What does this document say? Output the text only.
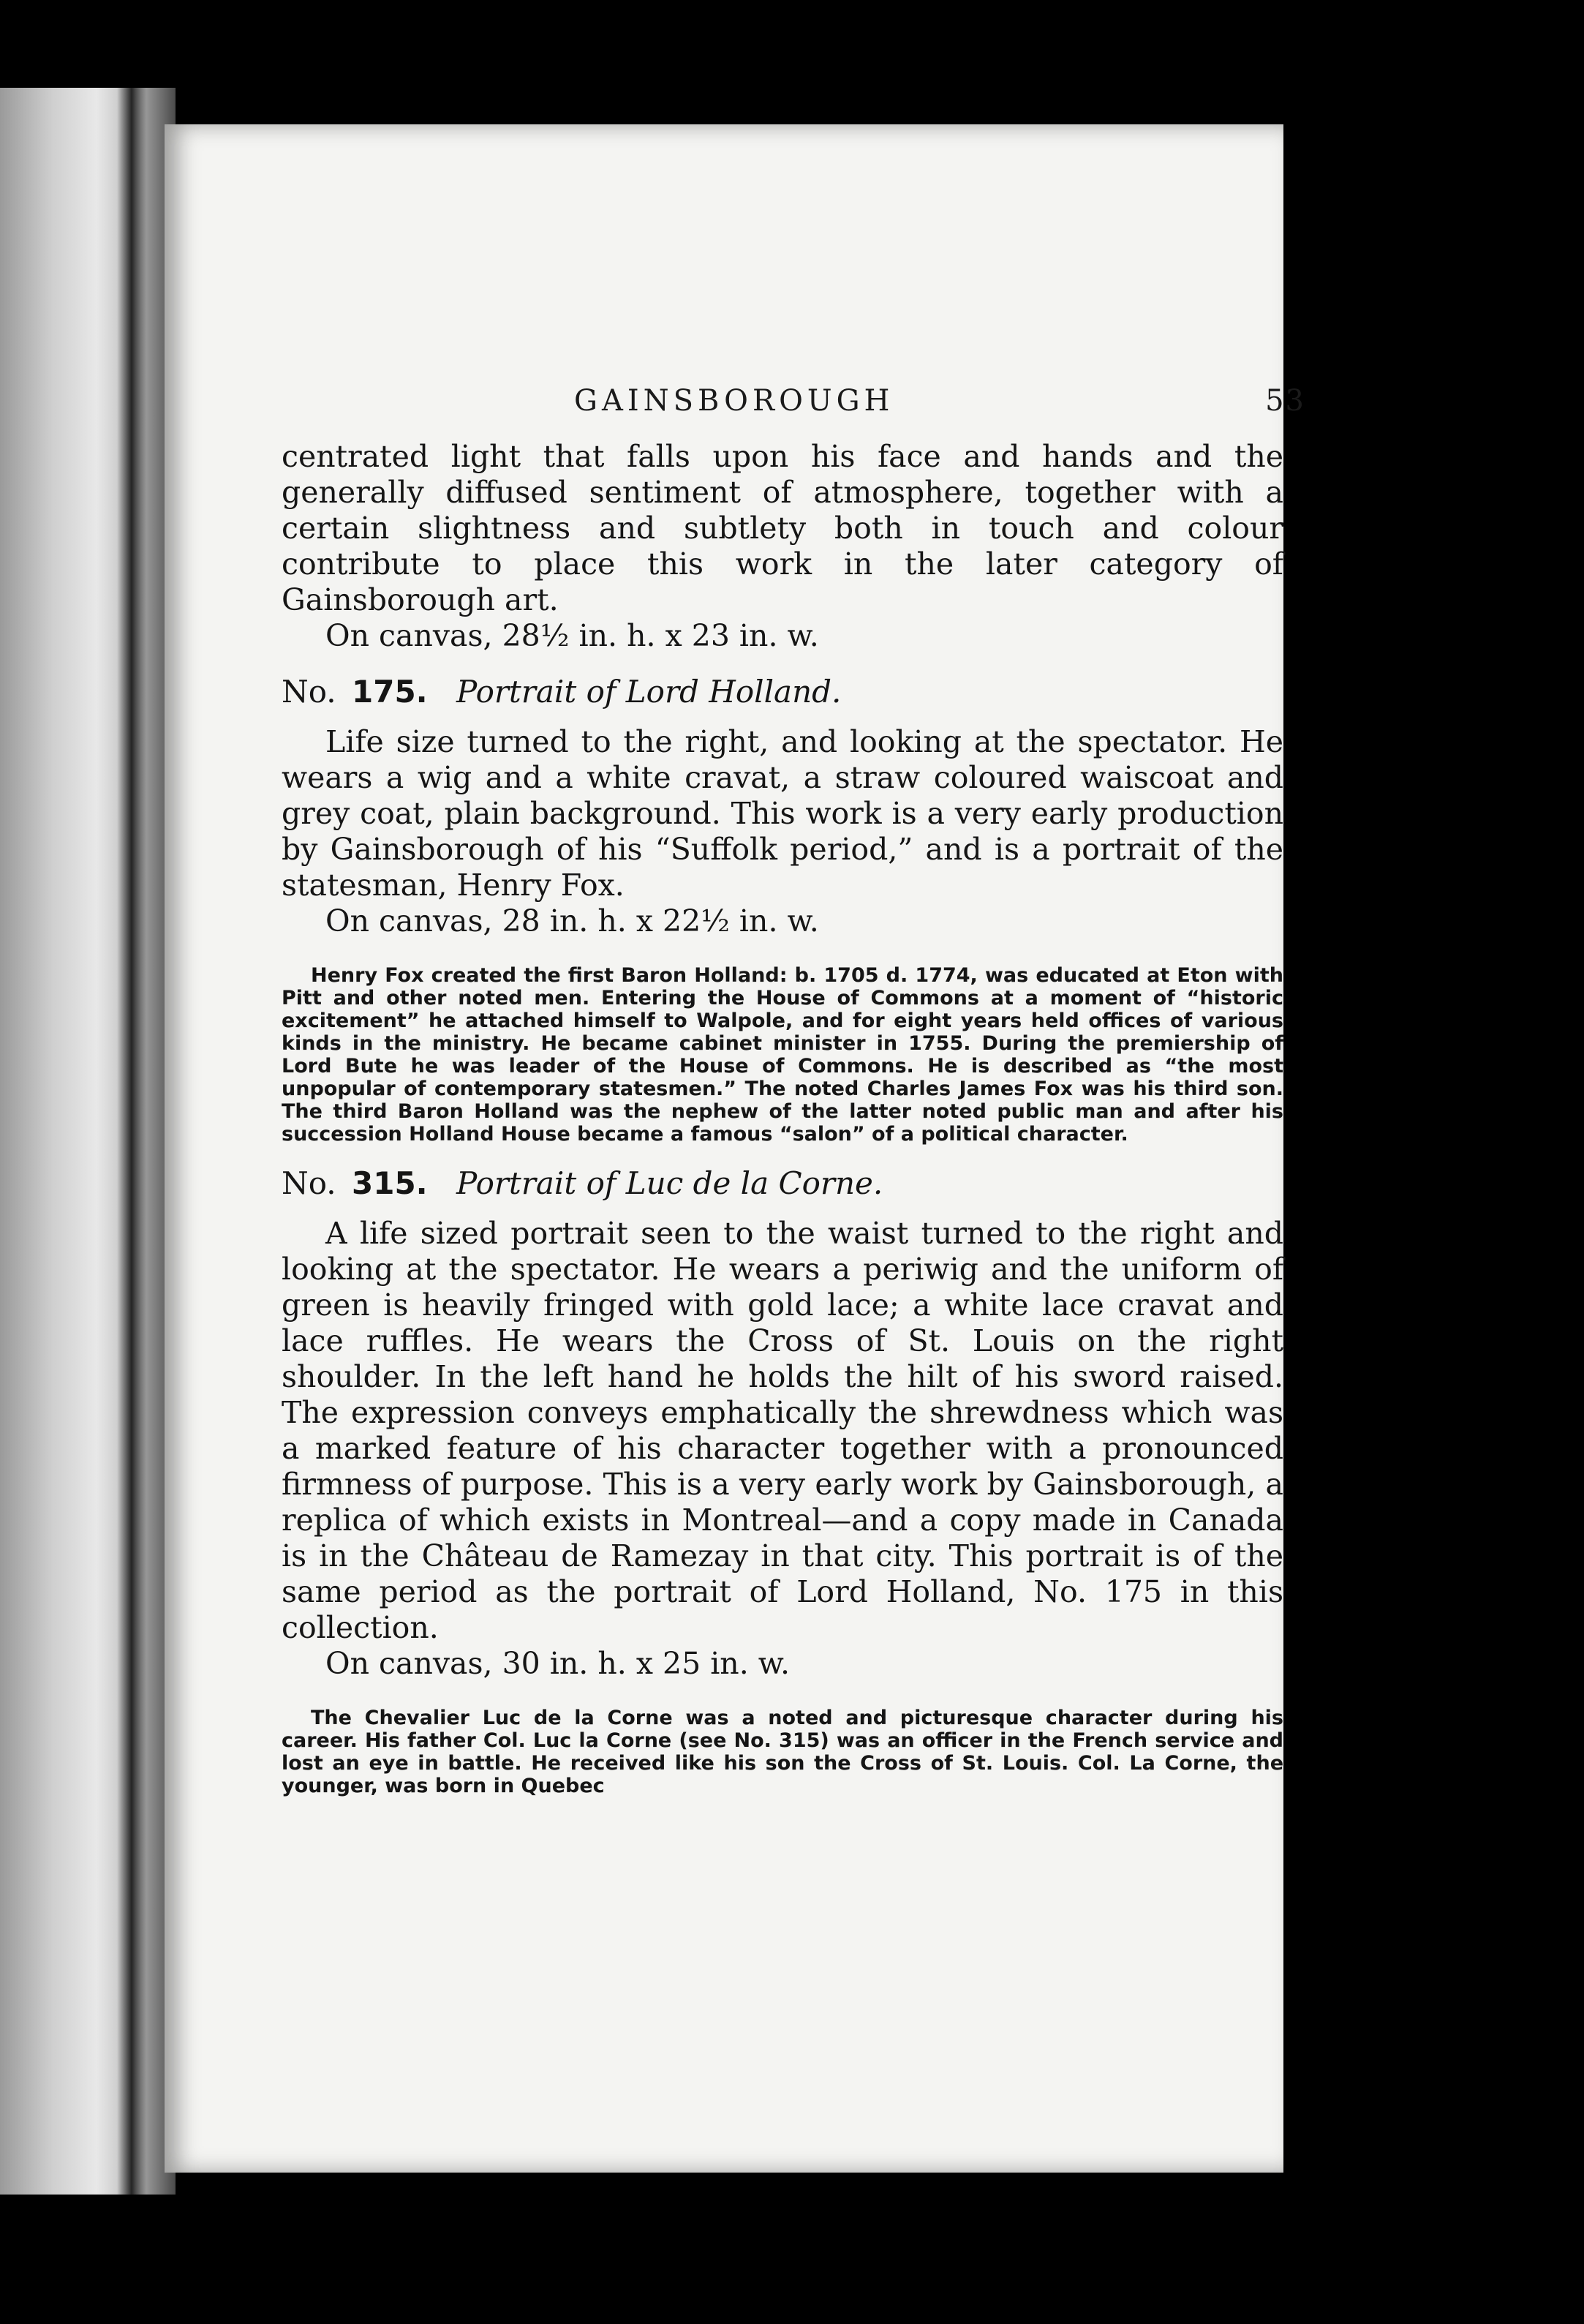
GAINSBOROUGH	53

centrated light that falls upon his face and hands and the generally diffused sentiment of atmosphere, together with a certain slightness and subtlety both in touch and colour contribute to place this work in the later category of Gainsborough art.

On canvas, 28½ in. h. x 23 in. w.

No. 175. Portrait of Lord Holland.

Life size turned to the right, and looking at the spectator. He wears a wig and a white cravat, a straw coloured waiscoat and grey coat, plain background. This work is a very early production by Gainsborough of his “Suffolk period,” and is a portrait of the statesman, Henry Fox.

On canvas, 28 in. h. x 22½ in. w.

Henry Fox created the first Baron Holland: b. 1705 d. 1774, was educated at Eton with Pitt and other noted men. Entering the House of Commons at a moment of “historic excitement” he attached himself to Walpole, and for eight years held offices of various kinds in the ministry. He became cabinet minister in 1755. During the premiership of Lord Bute he was leader of the House of Commons. He is described as “the most unpopular of contemporary statesmen.” The noted Charles James Fox was his third son. The third Baron Holland was the nephew of the latter noted public man and after his succession Holland House became a famous “salon” of a political character.

No. 315. Portrait of Luc de la Corne.

A life sized portrait seen to the waist turned to the right and looking at the spectator. He wears a periwig and the uniform of green is heavily fringed with gold lace; a white lace cravat and lace ruffles. He wears the Cross of St. Louis on the right shoulder. In the left hand he holds the hilt of his sword raised. The expression conveys emphatically the shrewdness which was a marked feature of his character together with a pronounced firmness of purpose. This is a very early work by Gainsborough, a replica of which exists in Montreal—and a copy made in Canada is in the Château de Ramezay in that city. This portrait is of the same period as the portrait of Lord Holland, No. 175 in this collection.

On canvas, 30 in. h. x 25 in. w.

The Chevalier Luc de la Corne was a noted and picturesque character during his career. His father Col. Luc la Corne (see No. 315) was an officer in the French service and lost an eye in battle. He received like his son the Cross of St. Louis. Col. La Corne, the younger, was born in Quebec
